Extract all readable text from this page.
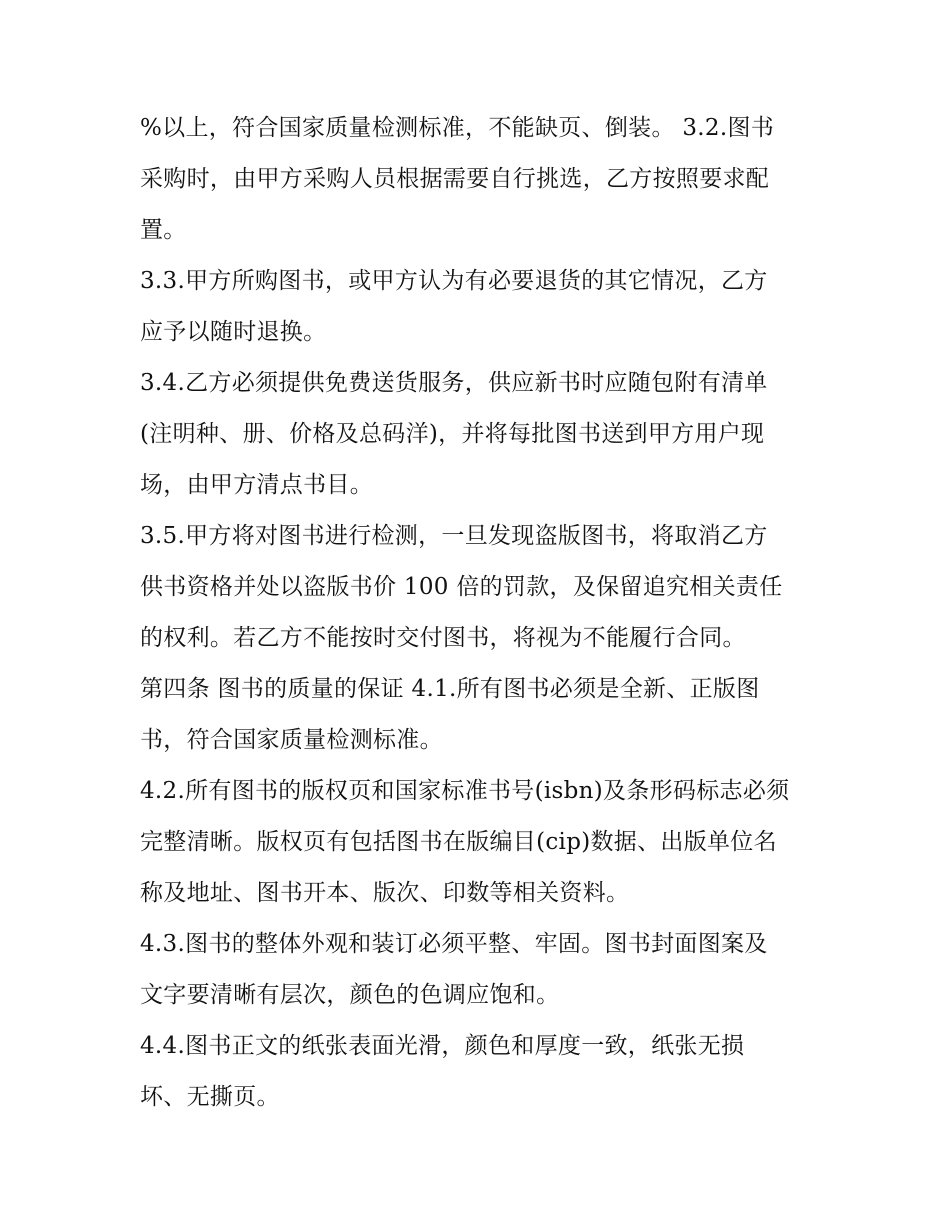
%以上，符合国家质量检测标准，不能缺页、倒装。 3.2.图书
采购时，由甲方采购人员根据需要自行挑选，乙方按照要求配
置。
3.3.甲方所购图书，或甲方认为有必要退货的其它情况，乙方
应予以随时退换。
3.4.乙方必须提供免费送货服务，供应新书时应随包附有清单
(注明种、册、价格及总码洋)，并将每批图书送到甲方用户现
场，由甲方清点书目。
3.5.甲方将对图书进行检测，一旦发现盗版图书，将取消乙方
供书资格并处以盗版书价 100 倍的罚款，及保留追究相关责任
的权利。若乙方不能按时交付图书，将视为不能履行合同。
第四条 图书的质量的保证 4.1.所有图书必须是全新、正版图
书，符合国家质量检测标准。
4.2.所有图书的版权页和国家标准书号(isbn)及条形码标志必须
完整清晰。版权页有包括图书在版编目(cip)数据、出版单位名
称及地址、图书开本、版次、印数等相关资料。
4.3.图书的整体外观和装订必须平整、牢固。图书封面图案及
文字要清晰有层次，颜色的色调应饱和。
4.4.图书正文的纸张表面光滑，颜色和厚度一致，纸张无损
坏、无撕页。
